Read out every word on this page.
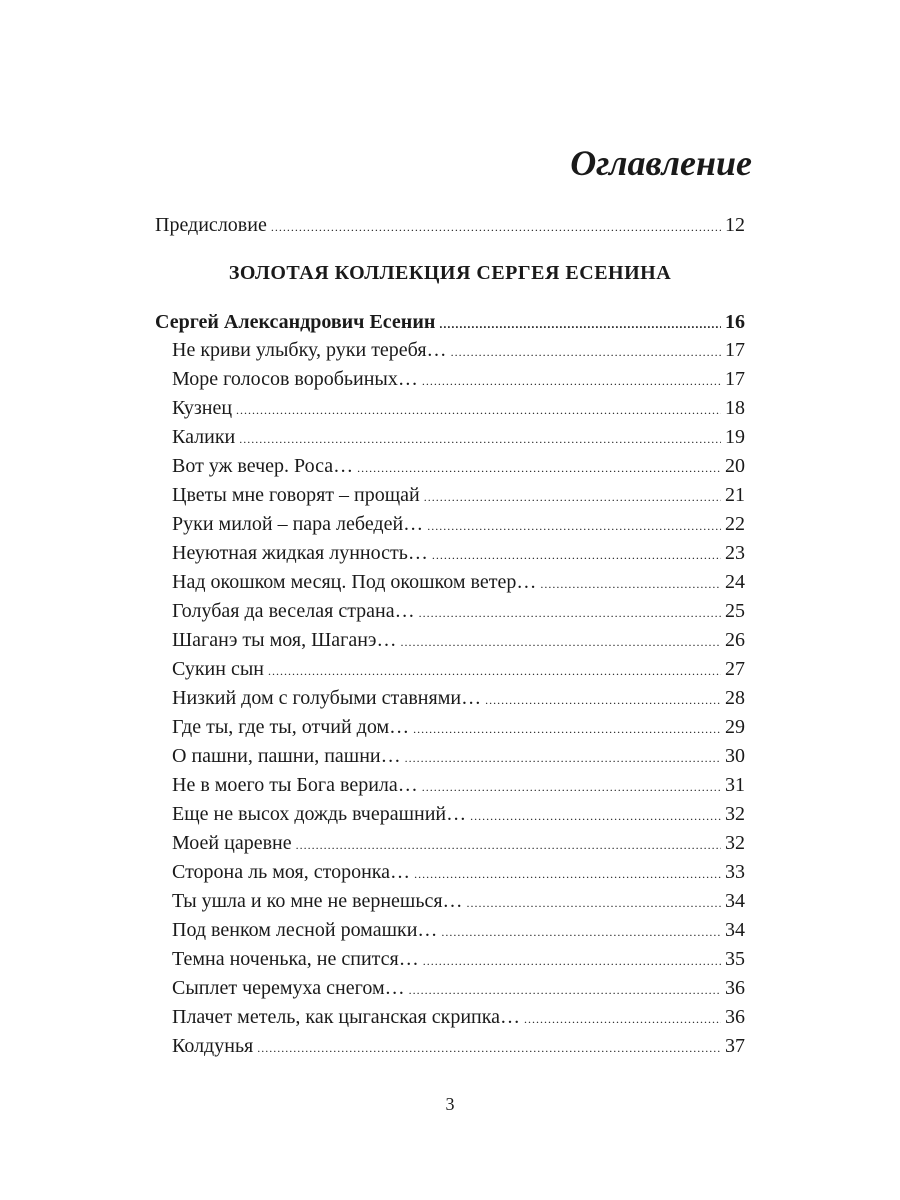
Оглавление
Предисловие .....	12
ЗОЛОТАЯ КОЛЛЕКЦИЯ СЕРГЕЯ ЕСЕНИНА
Сергей Александрович Есенин .....	16
Не криви улыбку, руки теребя… .....	17
Море голосов воробьиных… .....	17
Кузнец .....	18
Калики .....	19
Вот уж вечер. Роса… .....	20
Цветы мне говорят – прощай .....	21
Руки милой – пара лебедей… .....	22
Неуютная жидкая лунность… .....	23
Над окошком месяц. Под окошком ветер… .....	24
Голубая да веселая страна… .....	25
Шаганэ ты моя, Шаганэ… .....	26
Сукин сын .....	27
Низкий дом с голубыми ставнями… .....	28
Где ты, где ты, отчий дом… .....	29
О пашни, пашни, пашни… .....	30
Не в моего ты Бога верила… .....	31
Еще не высох дождь вчерашний… .....	32
Моей царевне .....	32
Сторона ль моя, сторонка… .....	33
Ты ушла и ко мне не вернешься… .....	34
Под венком лесной ромашки… .....	34
Темна ноченька, не спится… .....	35
Сыплет черемуха снегом… .....	36
Плачет метель, как цыганская скрипка… .....	36
Колдунья .....	37
3
